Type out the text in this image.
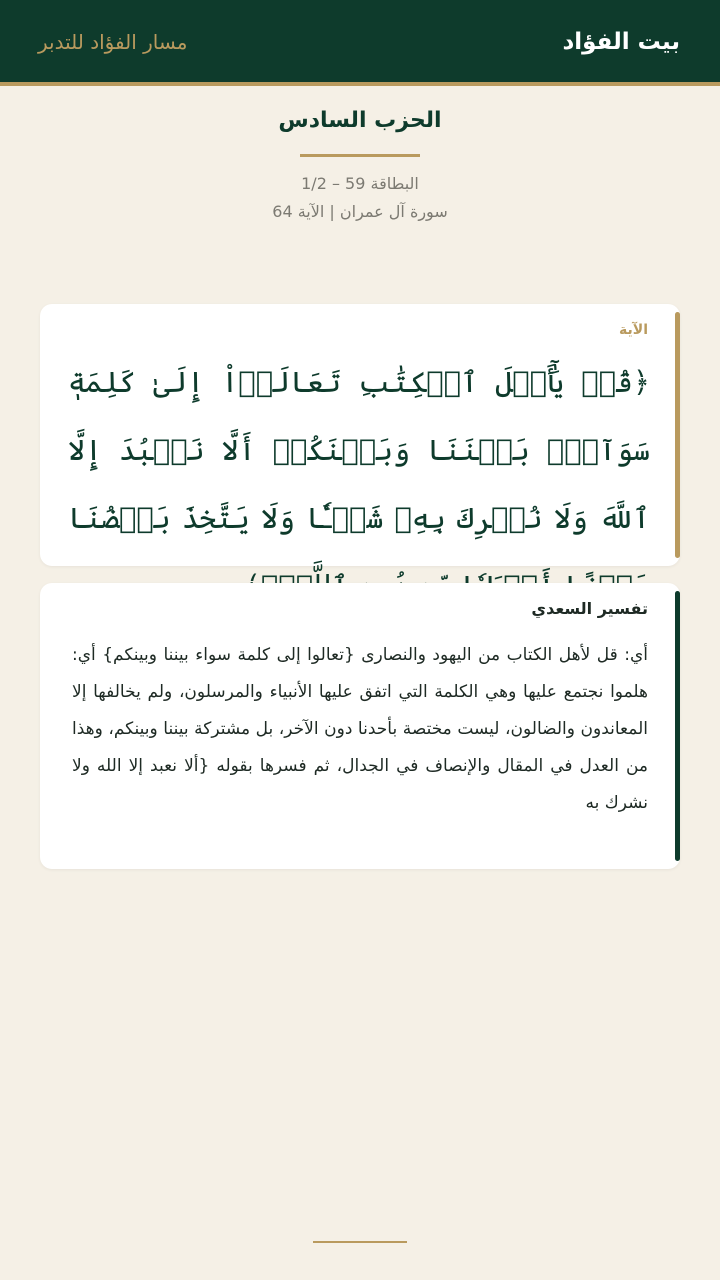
بيت الفؤاد
مسار الفؤاد للتدبر
الحزب السادس
البطاقة 59 – 1/2
سورة آل عمران | الآية 64
الآية
﴿قُلۡ يَٰٓأَهۡلَ ٱلۡكِتَٰبِ تَعَالَوۡاْ إِلَىٰ كَلِمَةٖ سَوَآءِۭ بَيۡنَنَا وَبَيۡنَكُمۡ أَلَّا نَعۡبُدَ إِلَّا ٱللَّهَ وَلَا نُشۡرِكَ بِهِۦ شَيۡـٔٗا وَلَا يَتَّخِذَ بَعۡضُنَا
تفسير السعدي
أي: قل لأهل الكتاب من اليهود والنصارى {تعالوا إلى كلمة سواء بيننا وبينكم} أي: هلموا نجتمع عليها وهي الكلمة التي اتفق عليها الأنبياء والمرسلون، ولم يخالفها إلا المعاندون والضالون، ليست مختصة بأحدنا دون الآخر، بل مشتركة بيننا وبينكم، وهذا من العدل في المقال والإنصاف في الجدال، ثم فسرها بقوله {ألا نعبد إلا الله ولا نشرك به
